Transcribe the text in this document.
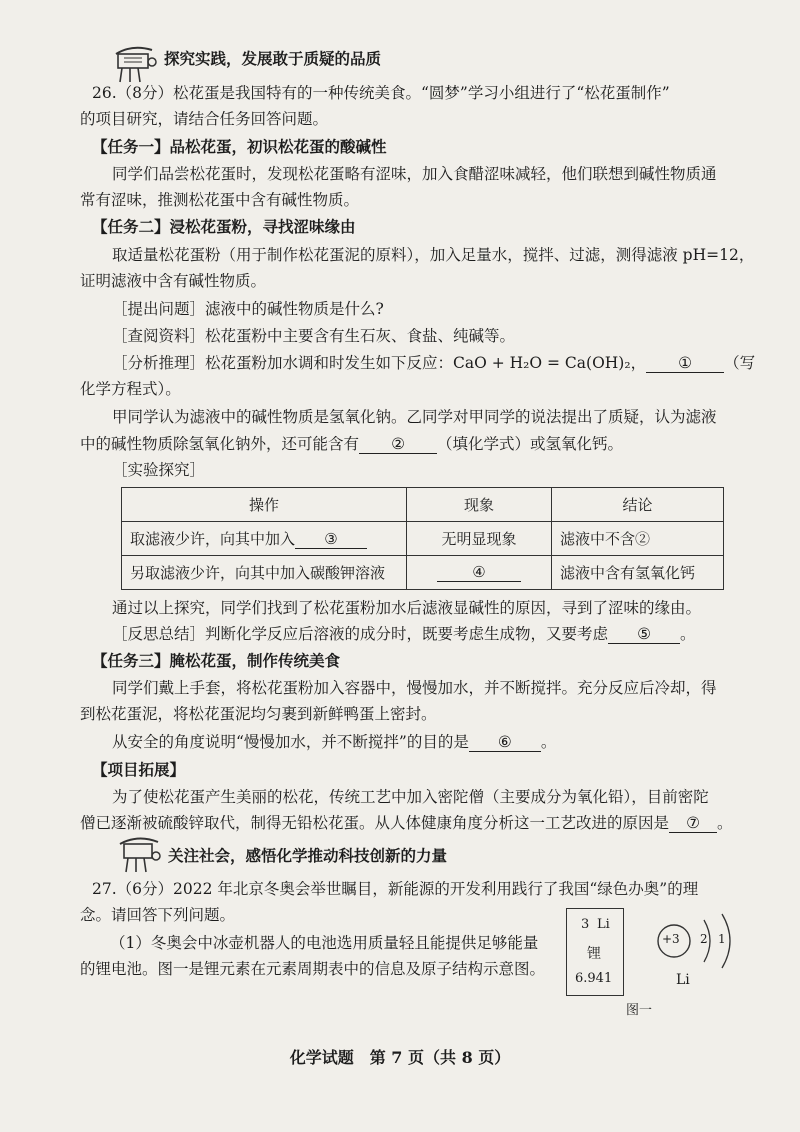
探究实践，发展敢于质疑的品质
26.（8分）松花蛋是我国特有的一种传统美食。“圆梦”学习小组进行了“松花蛋制作”
的项目研究，请结合任务回答问题。
【任务一】品松花蛋，初识松花蛋的酸碱性
同学们品尝松花蛋时，发现松花蛋略有涩味，加入食醋涩味减轻，他们联想到碱性物质通
常有涩味，推测松花蛋中含有碱性物质。
【任务二】浸松花蛋粉，寻找涩味缘由
取适量松花蛋粉（用于制作松花蛋泥的原料），加入足量水，搅拌、过滤，测得滤液 pH=12，
证明滤液中含有碱性物质。
［提出问题］滤液中的碱性物质是什么?
［查阅资料］松花蛋粉中主要含有生石灰、食盐、纯碱等。
［分析推理］松花蛋粉加水调和时发生如下反应：CaO + H₂O = Ca(OH)₂， ① （写
化学方程式）。
甲同学认为滤液中的碱性物质是氢氧化钠。乙同学对甲同学的说法提出了质疑，认为滤液
中的碱性物质除氢氧化钠外，还可能含有 ② （填化学式）或氢氧化钙。
［实验探究］
操作	现象	结论
取滤液少许，向其中加入 ③	无明显现象	滤液中不含②
另取滤液少许，向其中加入碳酸钾溶液	④	滤液中含有氢氧化钙
通过以上探究，同学们找到了松花蛋粉加水后滤液显碱性的原因，寻到了涩味的缘由。
［反思总结］判断化学反应后溶液的成分时，既要考虑生成物，又要考虑 ⑤ 。
【任务三】腌松花蛋，制作传统美食
同学们戴上手套，将松花蛋粉加入容器中，慢慢加水，并不断搅拌。充分反应后冷却，得
到松花蛋泥，将松花蛋泥均匀裹到新鲜鸭蛋上密封。
从安全的角度说明“慢慢加水，并不断搅拌”的目的是 ⑥ 。
【项目拓展】
为了使松花蛋产生美丽的松花，传统工艺中加入密陀僧（主要成分为氧化铅），目前密陀
僧已逐渐被硫酸锌取代，制得无铅松花蛋。从人体健康角度分析这一工艺改进的原因是 ⑦ 。
关注社会，感悟化学推动科技创新的力量
27.（6分）2022 年北京冬奥会举世瞩目，新能源的开发利用践行了我国“绿色办奥”的理
念。请回答下列问题。
（1）冬奥会中冰壶机器人的电池选用质量轻且能提供足够能量
的锂电池。图一是锂元素在元素周期表中的信息及原子结构示意图。
3 Li
锂
6.941
+3 2 1
Li
图一
化学试题　第 7 页（共 8 页）
